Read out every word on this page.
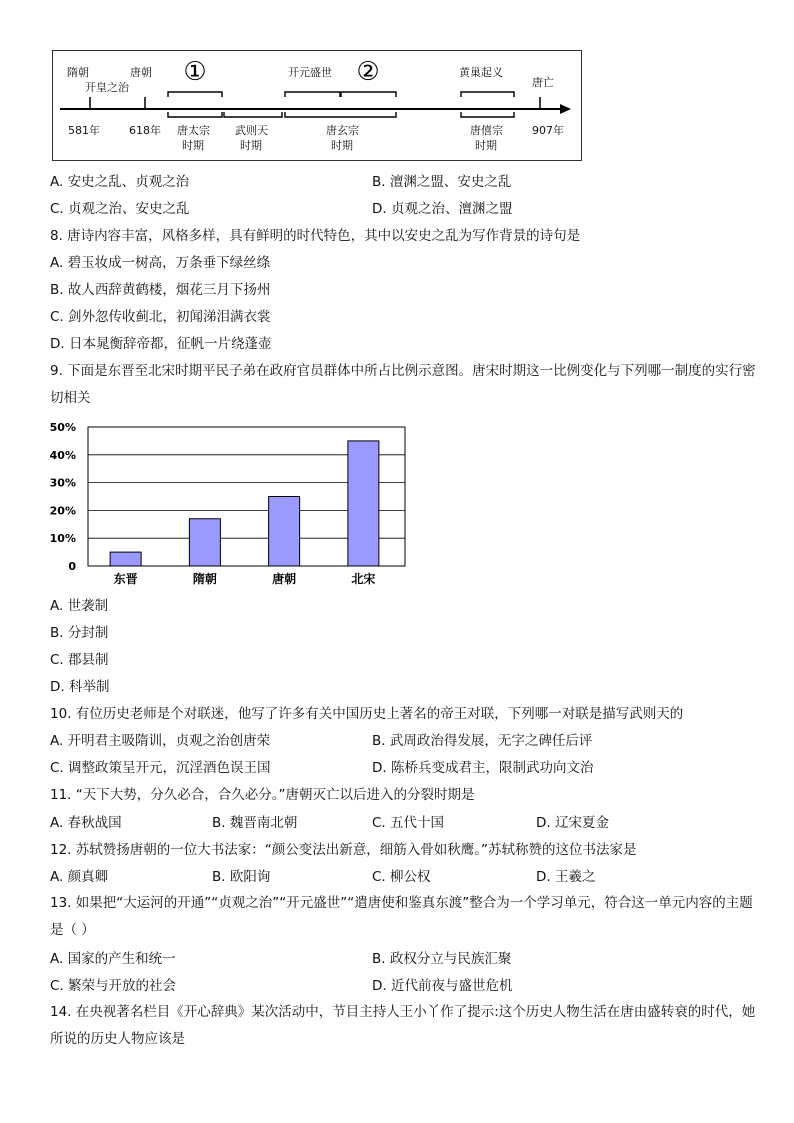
隋朝
开皇之治
唐朝	开元盛世	黄巢起义
唐亡
①	②
581年	618年 唐太宗
时期
武则天
时期
唐玄宗
时期
唐僖宗
时期
907年
A. 安史之乱、贞观之治	B. 澶渊之盟、安史之乱
C. 贞观之治、安史之乱	D. 贞观之治、澶渊之盟
8. 唐诗内容丰富，风格多样，具有鲜明的时代特色，其中以安史之乱为写作背景的诗句是
A. 碧玉妆成一树高，万条垂下绿丝绦
B. 故人西辞黄鹤楼，烟花三月下扬州
C. 剑外忽传收蓟北，初闻涕泪满衣裳
D. 日本晁衡辞帝都，征帆一片绕蓬壶
9. 下面是东晋至北宋时期平民子弟在政府官员群体中所占比例示意图。唐宋时期这一比例变化与下列哪一制度的实行密切相关
0
10%
20%
30%
40%
50%
东晋	隋朝	唐朝	北宋
A. 世袭制
B. 分封制
C. 郡县制
D. 科举制
10. 有位历史老师是个对联迷，他写了许多有关中国历史上著名的帝王对联，下列哪一对联是描写武则天的
A. 开明君主吸隋训，贞观之治创唐荣	B. 武周政治得发展，无字之碑任后评
C. 调整政策呈开元，沉淫酒色误王国	D. 陈桥兵变成君主，限制武功向文治
11. “天下大势，分久必合，合久必分。”唐朝灭亡以后进入的分裂时期是
A. 春秋战国	B. 魏晋南北朝	C. 五代十国	D. 辽宋夏金
12. 苏轼赞扬唐朝的一位大书法家：“颜公变法出新意，细筋入骨如秋鹰。”苏轼称赞的这位书法家是
A. 颜真卿	B. 欧阳询	C. 柳公权	D. 王羲之
13. 如果把“大运河的开通”“贞观之治”“开元盛世”“遣唐使和鉴真东渡”整合为一个学习单元，符合这一单元内容的主题是（ ）
A. 国家的产生和统一	B. 政权分立与民族汇聚
C. 繁荣与开放的社会	D. 近代前夜与盛世危机
14. 在央视著名栏目《开心辞典》某次活动中，节目主持人王小丫作了提示:这个历史人物生活在唐由盛转衰的时代，她所说的历史人物应该是
